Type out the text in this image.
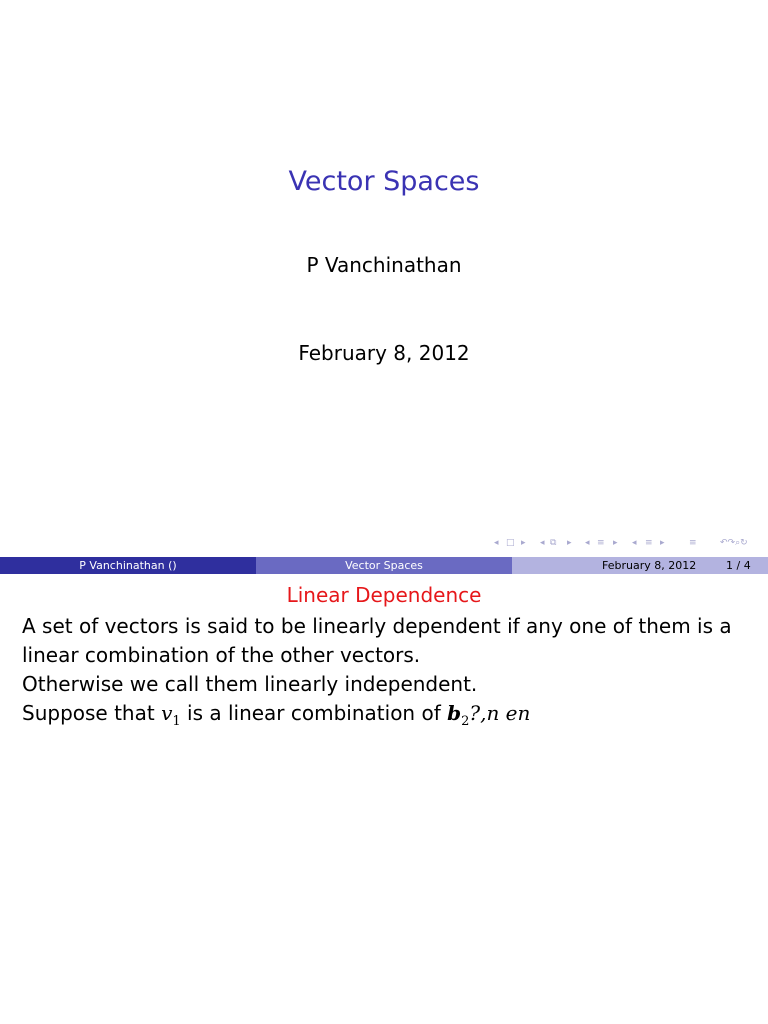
Vector Spaces
P Vanchinathan
February 8, 2012
◂ □ ▸ ◂ ⧉ ▸ ◂ ≡ ▸ ◂ ≡ ▸	≡	↶↷⌕↻
P Vanchinathan ()	Vector Spaces	February 8, 2012	1 / 4
Linear Dependence
A set of vectors is said to be linearly dependent if any one of them is a
linear combination of the other vectors.
Otherwise we call them linearly independent.
Suppose that $v_1$ is a linear combination of $b_2?,n$ en
